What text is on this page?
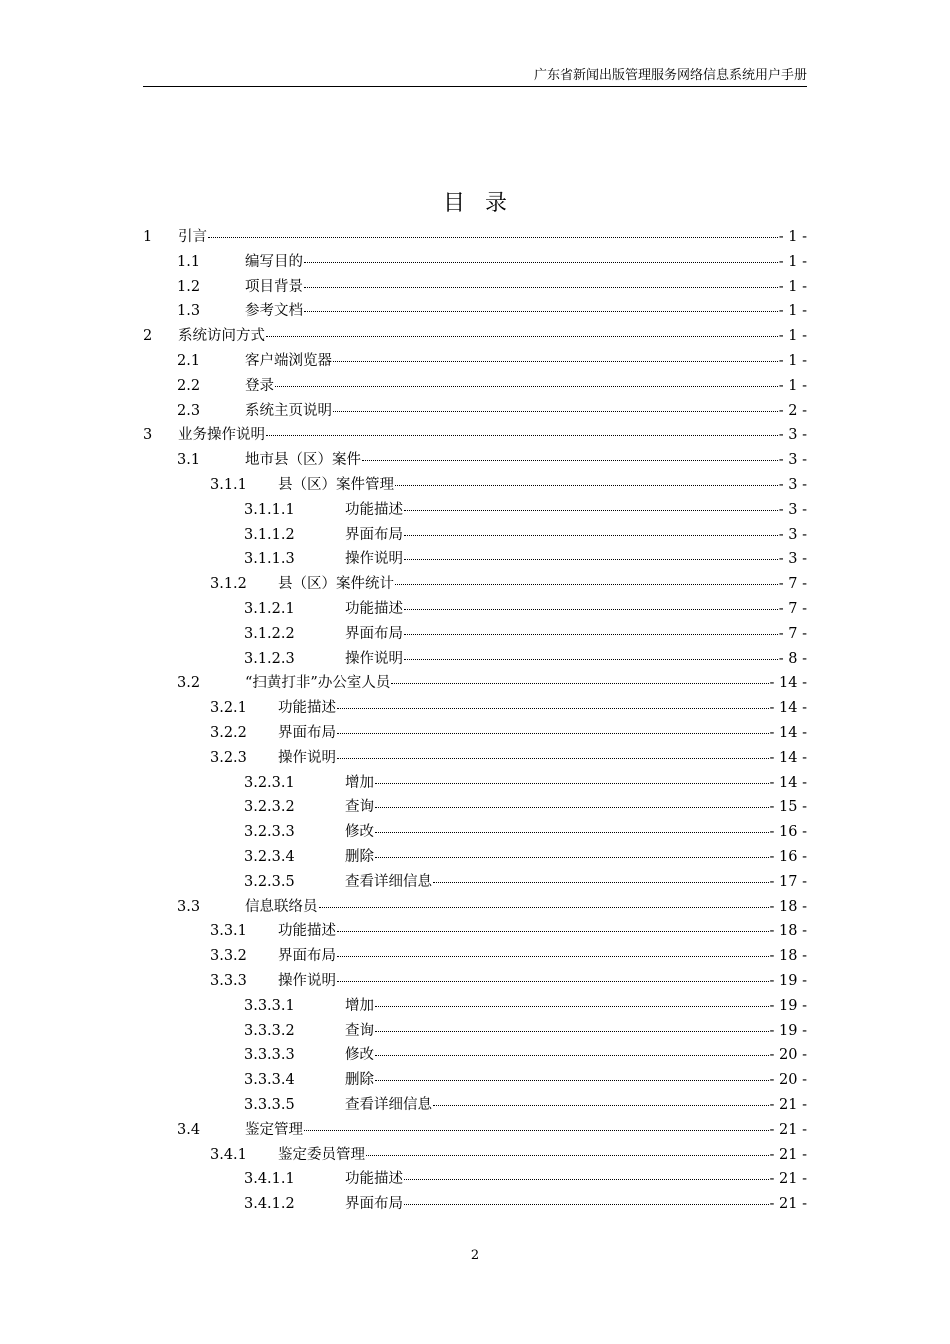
广东省新闻出版管理服务网络信息系统用户手册
目录
1	引言	- 1 -
1.1	编写目的	- 1 -
1.2	项目背景	- 1 -
1.3	参考文档	- 1 -
2	系统访问方式	- 1 -
2.1	客户端浏览器	- 1 -
2.2	登录	- 1 -
2.3	系统主页说明	- 2 -
3	业务操作说明	- 3 -
3.1	地市县（区）案件	- 3 -
3.1.1	县（区）案件管理	- 3 -
3.1.1.1	功能描述	- 3 -
3.1.1.2	界面布局	- 3 -
3.1.1.3	操作说明	- 3 -
3.1.2	县（区）案件统计	- 7 -
3.1.2.1	功能描述	- 7 -
3.1.2.2	界面布局	- 7 -
3.1.2.3	操作说明	- 8 -
3.2	“扫黄打非”办公室人员	- 14 -
3.2.1	功能描述	- 14 -
3.2.2	界面布局	- 14 -
3.2.3	操作说明	- 14 -
3.2.3.1	增加	- 14 -
3.2.3.2	查询	- 15 -
3.2.3.3	修改	- 16 -
3.2.3.4	删除	- 16 -
3.2.3.5	查看详细信息	- 17 -
3.3	信息联络员	- 18 -
3.3.1	功能描述	- 18 -
3.3.2	界面布局	- 18 -
3.3.3	操作说明	- 19 -
3.3.3.1	增加	- 19 -
3.3.3.2	查询	- 19 -
3.3.3.3	修改	- 20 -
3.3.3.4	删除	- 20 -
3.3.3.5	查看详细信息	- 21 -
3.4	鉴定管理	- 21 -
3.4.1	鉴定委员管理	- 21 -
3.4.1.1	功能描述	- 21 -
3.4.1.2	界面布局	- 21 -
2
